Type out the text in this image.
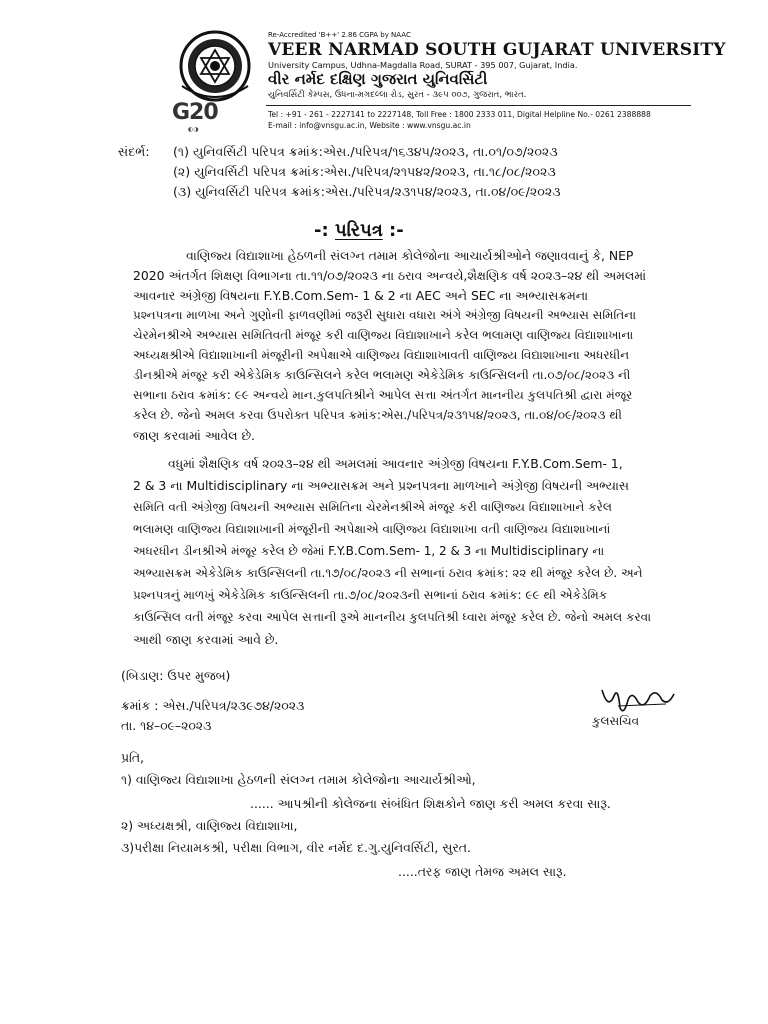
G20
◐◑
Re-Accredited 'B++' 2.86 CGPA by NAAC
VEER NARMAD SOUTH GUJARAT UNIVERSITY
University Campus, Udhna-Magdalla Road, SURAT - 395 007, Gujarat, India.
વીર નર્મદ દક્ષિણ ગુજરાત યુનિવર્સિટી
યુનિવર્સિટી કેમ્પસ, ઉધના-મગદલ્લા રોડ, સુરત - ૩૯૫ ૦૦૭, ગુજરાત, ભારત.
Tel : +91 - 261 - 2227141 to 2227148, Toll Free : 1800 2333 011, Digital Helpline No.- 0261 2388888
E-mail : info@vnsgu.ac.in, Website : www.vnsgu.ac.in
સંદર્ભ: (૧) યુનિવર્સિટી પરિપત્ર ક્રમાંક:એસ./પરિપત્ર/૧૬૩૪૫/૨૦૨૩, તા.૦૧/૦૭/૨૦૨૩
(૨) યુનિવર્સિટી પરિપત્ર ક્રમાંક:એસ./પરિપત્ર/૨૧૫૪૨/૨૦૨૩, તા.૧૮/૦૮/૨૦૨૩
(૩) યુનિવર્સિટી પરિપત્ર ક્રમાંક:એસ./પરિપત્ર/૨૩૧૫૪/૨૦૨૩, તા.૦૪/૦૯/૨૦૨૩
-: પરિપત્ર :-
વાણિજ્ય વિદ્યાશાખા હેઠળની સંલગ્ન તમામ કોલેજોના આચાર્યશ્રીઓને જણાવવાનું કે, NEP
2020 અંતર્ગત શિક્ષણ વિભાગના તા.૧૧/૦૭/૨૦૨૩ ના ઠરાવ અન્વયે,શૈક્ષણિક વર્ષ ૨૦૨૩–૨૪ થી અમલમાં
આવનાર અંગ્રેજી વિષયના F.Y.B.Com.Sem- 1 & 2 ના AEC અને SEC ના અભ્યાસક્રમના
પ્રશ્નપત્રના માળખા અને ગુણોની ફાળવણીમાં જરૂરી સુધારા વધારા અંગે અંગ્રેજી વિષયની અભ્યાસ સમિતિના
ચેરમેનશ્રીએ અભ્યાસ સમિતિવતી મંજૂર કરી વાણિજ્ય વિદ્યાશાખાને કરેલ ભલામણ વાણિજ્ય વિદ્યાશાખાના
અધ્યક્ષશ્રીએ વિદ્યાશાખાની મંજૂરીની અપેક્ષાએ વાણિજ્ય વિદ્યાશાખાવતી વાણિજ્ય વિદ્યાશાખાના અધરધીન
ડીનશ્રીએ મંજૂર કરી એકેડેમિક કાઉન્સિલને કરેલ ભલામણ એકેડેમિક કાઉન્સિલની તા.૦૭/૦૮/૨૦૨૩ ની
સભાના ઠરાવ ક્રમાંક: ૯૯ અન્વયે માન.કુલપતિશ્રીને આપેલ સત્તા અંતર્ગત માનનીય કુલપતિશ્રી દ્વારા મંજૂર
કરેલ છે. જેનો અમલ કરવા ઉપરોક્ત પરિપત્ર ક્રમાંક:એસ./પરિપત્ર/૨૩૧૫૪/૨૦૨૩, તા.૦૪/૦૯/૨૦૨૩ થી
જાણ કરવામાં આવેલ છે.
વધુમાં શૈક્ષણિક વર્ષ ૨૦૨૩–૨૪ થી અમલમાં આવનાર અંગ્રેજી વિષયના F.Y.B.Com.Sem- 1,
2 & 3 ના Multidisciplinary ના અભ્યાસક્રમ અને પ્રશ્નપત્રના માળખાને અંગ્રેજી વિષયની અભ્યાસ
સમિતિ વતી અંગ્રેજી વિષયની અભ્યાસ સમિતિના ચેરમેનશ્રીએ મંજૂર કરી વાણિજ્ય વિદ્યાશાખાને કરેલ
ભલામણ વાણિજ્ય વિદ્યાશાખાની મંજૂરીની અપેક્ષાએ વાણિજ્ય વિદ્યાશાખા વતી વાણિજ્ય વિદ્યાશાખાનાં
અધરધીન ડીનશ્રીએ મંજૂર કરેલ છે જેમાં F.Y.B.Com.Sem- 1, 2 & 3 ના Multidisciplinary ના
અભ્યાસક્રમ એકેડેમિક કાઉન્સિલની તા.૧૭/૦૮/૨૦૨૩ ની સભાનાં ઠરાવ ક્રમાંક: ૨૨ થી મંજૂર કરેલ છે. અને
પ્રશ્નપત્રનું માળખું એકેડેમિક કાઉન્સિલની તા.૭/૦૮/૨૦૨૩ની સભાનાં ઠરાવ ક્રમાંક: ૯૯ થી એકેડેમિક
કાઉન્સિલ વતી મંજૂર કરવા આપેલ સત્તાની રૂએ માનનીય કુલપતિશ્રી ધ્વારા મંજૂર કરેલ છે. જેનો અમલ કરવા
આથી જાણ કરવામાં આવે છે.
(બિડાણ: ઉપર મુજબ)
ક્રમાંક : એસ./પરિપત્ર/૨૩૯૭૪/૨૦૨૩
તા. ૧૪–૦૯–૨૦૨૩	કુલસચિવ
પ્રતિ,
૧) વાણિજ્ય વિદ્યાશાખા હેઠળની સંલગ્ન તમામ કોલેજોના આચાર્યશ્રીઓ,
...... આપશ્રીની કોલેજના સંબંધિત શિક્ષકોને જાણ કરી અમલ કરવા સારૂ.
૨) અધ્યક્ષશ્રી, વાણિજ્ય વિદ્યાશાખા,
૩)પરીક્ષા નિયામકશ્રી, પરીક્ષા વિભાગ, વીર નર્મદ દ.ગુ.યુનિવર્સિટી, સુરત.
.....તરફ જાણ તેમજ અમલ સારૂ.
